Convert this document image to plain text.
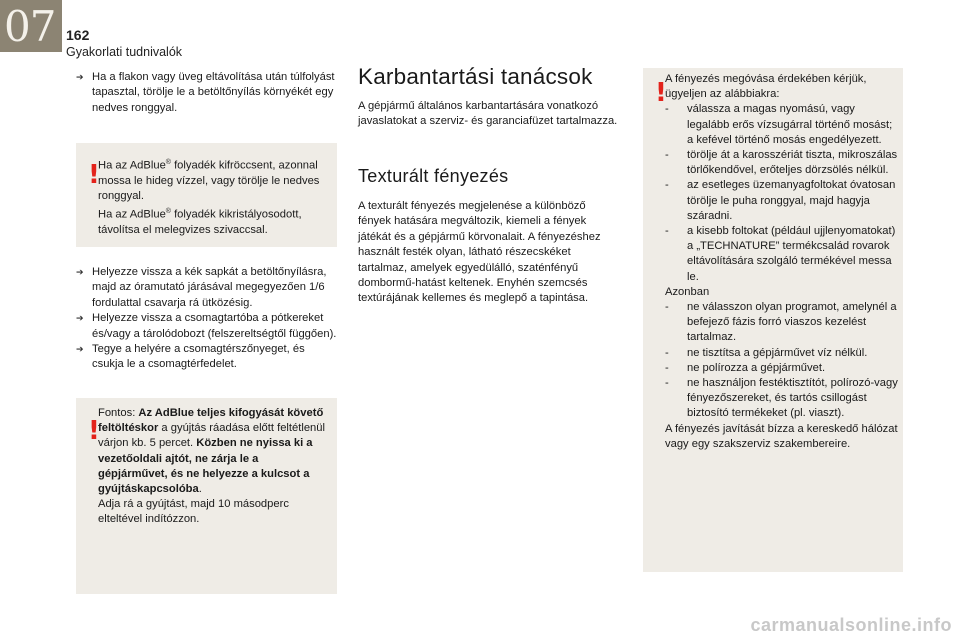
07 162
Gyakorlati tudnivalók
➔ Ha a flakon vagy üveg eltávolítása után túlfolyást tapasztal, törölje le a betöltőnyílás környékét egy nedves ronggyal.
!
Ha az AdBlue® folyadék kifröccsent, azonnal mossa le hideg vízzel, vagy törölje le nedves ronggyal.
Ha az AdBlue® folyadék kikristályosodott, távolítsa el melegvizes szivaccsal.
➔ Helyezze vissza a kék sapkát a betöltőnyílásra, majd az óramutató járásával megegyezően 1/6 fordulattal csavarja rá ütközésig.
➔ Helyezze vissza a csomagtartóba a pótkereket és/vagy a tárolódobozt (felszereltségtől függően).
➔ Tegye a helyére a csomagtérszőnyeget, és csukja le a csomagtérfedelet.
!
Fontos: Az AdBlue teljes kifogyását követő feltöltéskor a gyújtás ráadása előtt feltétlenül várjon kb. 5 percet. Közben ne nyissa ki a vezetőoldali ajtót, ne zárja le a gépjárművet, és ne helyezze a kulcsot a gyújtáskapcsolóba.
Adja rá a gyújtást, majd 10 másodperc elteltével indítózzon.
Karbantartási tanácsok
A gépjármű általános karbantartására vonatkozó javaslatokat a szerviz- és garanciafüzet tartalmazza.
Texturált fényezés
A texturált fényezés megjelenése a különböző fények hatására megváltozik, kiemeli a fények játékát és a gépjármű körvonalait. A fényezéshez használt festék olyan, látható részecskéket tartalmaz, amelyek egyedülálló, szaténfényű dombormű-hatást keltenek. Enyhén szemcsés textúrájának kellemes és meglepő a tapintása.
!
A fényezés megóvása érdekében kérjük, ügyeljen az alábbiakra:
- válassza a magas nyomású, vagy legalább erős vízsugárral történő mosást; a kefével történő mosás engedélyezett.
- törölje át a karosszériát tiszta, mikroszálas törlőkendővel, erőteljes dörzsölés nélkül.
- az esetleges üzemanyagfoltokat óvatosan törölje le puha ronggyal, majd hagyja száradni.
- a kisebb foltokat (például ujjlenyomatokat) a „TECHNATURE” termékcsalád rovarok eltávolítására szolgáló termékével messa le.
Azonban
- ne válasszon olyan programot, amelynél a befejező fázis forró viaszos kezelést tartalmaz.
- ne tisztítsa a gépjárművet víz nélkül.
- ne polírozza a gépjárművet.
- ne használjon festéktisztítót, polírozó-vagy fényezőszereket, és tartós csillogást biztosító termékeket (pl. viaszt).
A fényezés javítását bízza a kereskedő hálózat vagy egy szakszerviz szakembereire.
carmanualsonline.info
